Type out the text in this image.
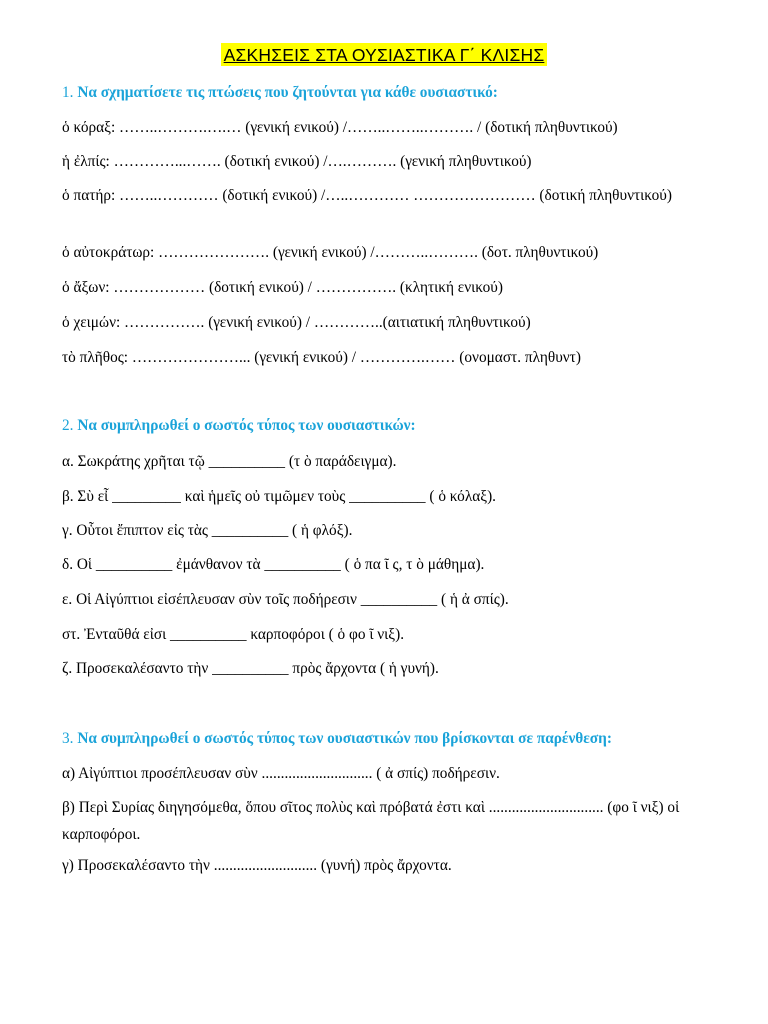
ΑΣΚΗΣΕΙΣ ΣΤΑ ΟΥΣΙΑΣΤΙΚΑ Γ΄ ΚΛΙΣΗΣ
1. Να σχηματίσετε τις πτώσεις που ζητούνται για κάθε ουσιαστικό:
ὁ κόραξ: ……..……….….… (γενική ενικού) /……..……..………. / (δοτική πληθυντικού)
ἡ ἐλπίς: …………...……. (δοτική ενικού) /….………. (γενική πληθυντικού)
ὁ πατήρ: ……..………… (δοτική ενικού) /…..………… …………………… (δοτική πληθυντικού)
ὁ αὐτοκράτωρ: …………………. (γενική ενικού) /………..………. (δοτ. πληθυντικού)
ὁ ἄξων: ……………… (δοτική ενικού) / ……………. (κλητική ενικού)
ὁ χειμών: ……………. (γενική ενικού) / …………..(αιτιατική πληθυντικού)
τὸ πλῆθος: …………………... (γενική ενικού) / ………….…… (ονομαστ. πληθυντ)
2. Να συμπληρωθεί ο σωστός τύπος των ουσιαστικών:
α. Σωκράτης χρῆται τῷ __________ (τ ὸ παράδειγμα).
β. Σὺ εἶ _________ καὶ ἡμεῖς οὐ τιμῶμεν τοὺς __________ ( ὁ κόλαξ).
γ. Οὗτοι ἔπιπτον εἰς τὰς __________ ( ἡ φλόξ).
δ. Οἱ __________ ἐμάνθανον τὰ __________ ( ὁ πα ῖ ς, τ ὸ μάθημα).
ε. Οἱ Αἰγύπτιοι εἰσέπλευσαν σὺν τοῖς ποδήρεσιν __________ ( ἡ ἀ σπίς).
στ. Ἐνταῦθά εἰσι __________ καρποφόροι ( ὁ φο ῖ νιξ).
ζ. Προσεκαλέσαντο τὴν __________ πρὸς ἄρχοντα ( ἡ γυνή).
3. Να συμπληρωθεί ο σωστός τύπος των ουσιαστικών που βρίσκονται σε παρένθεση:
α) Αἰγύπτιοι προσέπλευσαν σὺν ............................. ( ἀ σπίς) ποδήρεσιν.
β) Περὶ Συρίας διηγησόμεθα, ὅπου σῖτος πολὺς καὶ πρόβατά ἐστι καὶ .............................. (φο ῖ νιξ) οἱ καρποφόροι.
γ) Προσεκαλέσαντο τὴν ........................... (γυνή) πρὸς ἄρχοντα.
